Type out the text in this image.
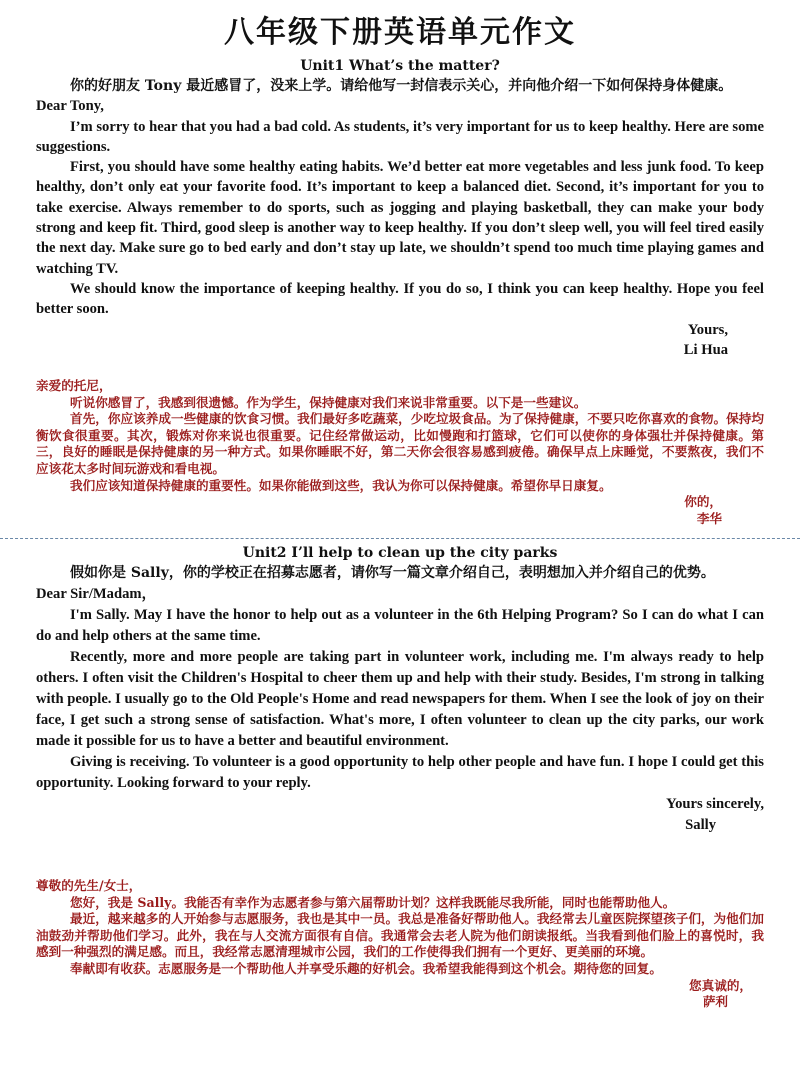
八年级下册英语单元作文
Unit1 What’s the matter?
你的好朋友 Tony 最近感冒了，没来上学。请给他写一封信表示关心，并向他介绍一下如何保持身体健康。

Dear Tony,

I’m sorry to hear that you had a bad cold. As students, it’s very important for us to keep healthy. Here are some suggestions.

First, you should have some healthy eating habits. We’d better eat more vegetables and less junk food. To keep healthy, don’t only eat your favorite food. It’s important to keep a balanced diet. Second, it’s important for you to take exercise. Always remember to do sports, such as jogging and playing basketball, they can make your body strong and keep fit. Third, good sleep is another way to keep healthy. If you don’t sleep well, you will feel tired easily the next day. Make sure go to bed early and don’t stay up late, we shouldn’t spend too much time playing games and watching TV.

We should know the importance of keeping healthy. If you do so, I think you can keep healthy. Hope you feel better soon.

Yours,

Li Hua

亲爱的托尼，

听说你感冒了，我感到很遗憾。作为学生，保持健康对我们来说非常重要。以下是一些建议。

首先，你应该养成一些健康的饮食习惯。我们最好多吃蔬菜，少吃垃圾食品。为了保持健康，不要只吃你喜欢的食物。保持均衡饮食很重要。其次，锻炼对你来说也很重要。记住经常做运动，比如慢跑和打篮球，它们可以使你的身体强壮并保持健康。第三，良好的睡眠是保持健康的另一种方式。如果你睡眠不好，第二天你会很容易感到疲倦。确保早点上床睡觉，不要熬夜，我们不应该花太多时间玩游戏和看电视。

我们应该知道保持健康的重要性。如果你能做到这些，我认为你可以保持健康。希望你早日康复。

你的，

李华

Unit2 I’ll help to clean up the city parks
假如你是 Sally，你的学校正在招募志愿者，请你写一篇文章介绍自己，表明想加入并介绍自己的优势。

Dear Sir/Madam，

I'm Sally. May I have the honor to help out as a volunteer in the 6th Helping Program? So I can do what I can do and help others at the same time.

Recently, more and more people are taking part in volunteer work, including me. I'm always ready to help others. I often visit the Children's Hospital to cheer them up and help with their study. Besides, I'm strong in talking with people. I usually go to the Old People's Home and read newspapers for them. When I see the look of joy on their face, I get such a strong sense of satisfaction. What's more, I often volunteer to clean up the city parks, our work made it possible for us to have a better and beautiful environment.

Giving is receiving. To volunteer is a good opportunity to help other people and have fun. I hope I could get this opportunity. Looking forward to your reply.

Yours sincerely,

Sally

尊敬的先生/女士，

您好，我是 Sally。我能否有幸作为志愿者参与第六届帮助计划？这样我既能尽我所能，同时也能帮助他人。

最近，越来越多的人开始参与志愿服务，我也是其中一员。我总是准备好帮助他人。我经常去儿童医院探望孩子们，为他们加油鼓劲并帮助他们学习。此外，我在与人交流方面很有自信。我通常会去老人院为他们朗读报纸。当我看到他们脸上的喜悦时，我感到一种强烈的满足感。而且，我经常志愿清理城市公园，我们的工作使得我们拥有一个更好、更美丽的环境。

奉献即有收获。志愿服务是一个帮助他人并享受乐趣的好机会。我希望我能得到这个机会。期待您的回复。

您真诚的，

萨利
